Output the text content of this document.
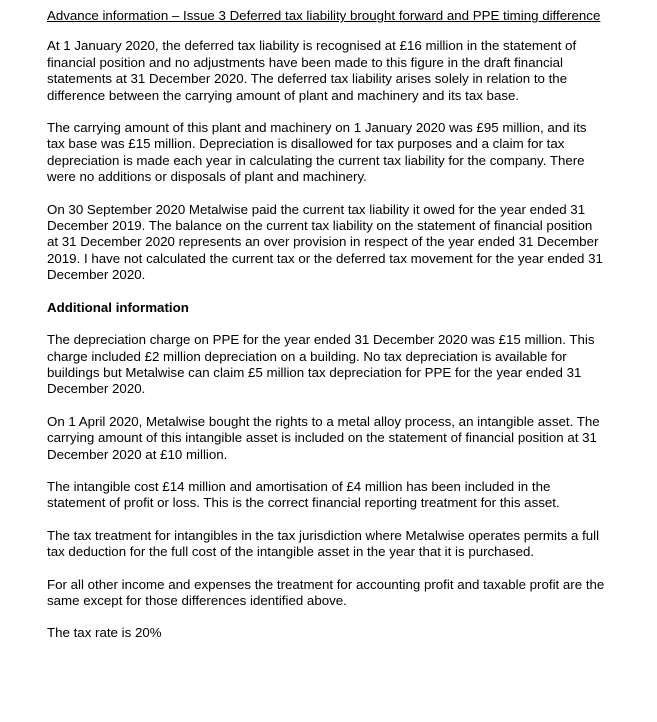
Advance information – Issue 3 Deferred tax liability brought forward and PPE timing difference
At 1 January 2020, the deferred tax liability is recognised at £16 million in the statement of financial position and no adjustments have been made to this figure in the draft financial statements at 31 December 2020. The deferred tax liability arises solely in relation to the difference between the carrying amount of plant and machinery and its tax base.
The carrying amount of this plant and machinery on 1 January 2020 was £95 million, and its tax base was £15 million. Depreciation is disallowed for tax purposes and a claim for tax depreciation is made each year in calculating the current tax liability for the company. There were no additions or disposals of plant and machinery.
On 30 September 2020 Metalwise paid the current tax liability it owed for the year ended 31 December 2019. The balance on the current tax liability on the statement of financial position at 31 December 2020 represents an over provision in respect of the year ended 31 December 2019. I have not calculated the current tax or the deferred tax movement for the year ended 31 December 2020.
Additional information
The depreciation charge on PPE for the year ended 31 December 2020 was £15 million. This charge included £2 million depreciation on a building. No tax depreciation is available for buildings but Metalwise can claim £5 million tax depreciation for PPE for the year ended 31 December 2020.
On 1 April 2020, Metalwise bought the rights to a metal alloy process, an intangible asset. The carrying amount of this intangible asset is included on the statement of financial position at 31 December 2020 at £10 million.
The intangible cost £14 million and amortisation of £4 million has been included in the statement of profit or loss. This is the correct financial reporting treatment for this asset.
The tax treatment for intangibles in the tax jurisdiction where Metalwise operates permits a full tax deduction for the full cost of the intangible asset in the year that it is purchased.
For all other income and expenses the treatment for accounting profit and taxable profit are the same except for those differences identified above.
The tax rate is 20%
